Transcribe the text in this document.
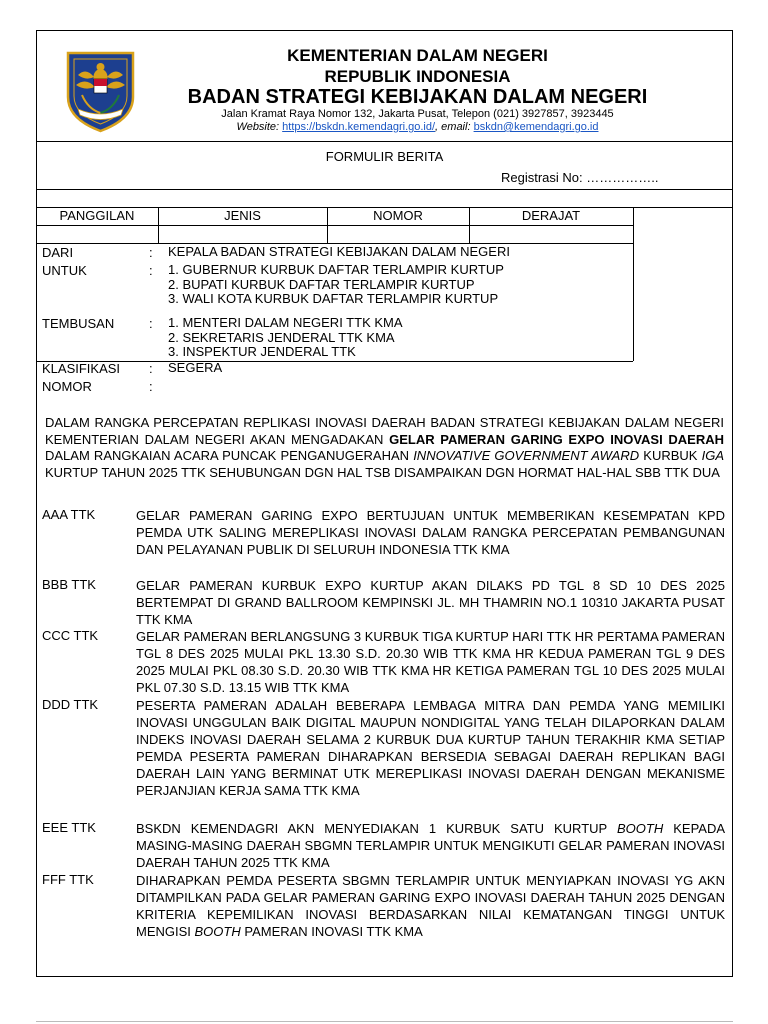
KEMENTERIAN DALAM NEGERI
REPUBLIK INDONESIA
BADAN STRATEGI KEBIJAKAN DALAM NEGERI
Jalan Kramat Raya Nomor 132, Jakarta Pusat, Telepon (021) 3927857, 3923445
Website: https://bskdn.kemendagri.go.id/, email: bskdn@kemendagri.go.id
FORMULIR BERITA
Registrasi No: ……………..
PANGGILAN	JENIS	NOMOR	DERAJAT
DARI	: KEPALA BADAN STRATEGI KEBIJAKAN DALAM NEGERI
UNTUK	: 1. GUBERNUR KURBUK DAFTAR TERLAMPIR KURTUP
2. BUPATI KURBUK DAFTAR TERLAMPIR KURTUP
3. WALI KOTA KURBUK DAFTAR TERLAMPIR KURTUP
TEMBUSAN	: 1. MENTERI DALAM NEGERI TTK KMA
2. SEKRETARIS JENDERAL TTK KMA
3. INSPEKTUR JENDERAL TTK
KLASIFIKASI : SEGERA
NOMOR	:
DALAM RANGKA PERCEPATAN REPLIKASI INOVASI DAERAH BADAN STRATEGI KEBIJAKAN DALAM NEGERI KEMENTERIAN DALAM NEGERI AKAN MENGADAKAN GELAR PAMERAN GARING EXPO INOVASI DAERAH DALAM RANGKAIAN ACARA PUNCAK PENGANUGERAHAN INNOVATIVE GOVERNMENT AWARD KURBUK IGA KURTUP TAHUN 2025 TTK SEHUBUNGAN DGN HAL TSB DISAMPAIKAN DGN HORMAT HAL-HAL SBB TTK DUA
AAA TTK	GELAR PAMERAN GARING EXPO BERTUJUAN UNTUK MEMBERIKAN KESEMPATAN KPD PEMDA UTK SALING MEREPLIKASI INOVASI DALAM RANGKA PERCEPATAN PEMBANGUNAN DAN PELAYANAN PUBLIK DI SELURUH INDONESIA TTK KMA
BBB TTK	GELAR PAMERAN KURBUK EXPO KURTUP AKAN DILAKS PD TGL 8 SD 10 DES 2025 BERTEMPAT DI GRAND BALLROOM KEMPINSKI JL. MH THAMRIN NO.1 10310 JAKARTA PUSAT TTK KMA
CCC TTK	GELAR PAMERAN BERLANGSUNG 3 KURBUK TIGA KURTUP HARI TTK HR PERTAMA PAMERAN TGL 8 DES 2025 MULAI PKL 13.30 S.D. 20.30 WIB TTK KMA HR KEDUA PAMERAN TGL 9 DES 2025 MULAI PKL 08.30 S.D. 20.30 WIB TTK KMA HR KETIGA PAMERAN TGL 10 DES 2025 MULAI PKL 07.30 S.D. 13.15 WIB TTK KMA
DDD TTK	PESERTA PAMERAN ADALAH BEBERAPA LEMBAGA MITRA DAN PEMDA YANG MEMILIKI INOVASI UNGGULAN BAIK DIGITAL MAUPUN NONDIGITAL YANG TELAH DILAPORKAN DALAM INDEKS INOVASI DAERAH SELAMA 2 KURBUK DUA KURTUP TAHUN TERAKHIR KMA SETIAP PEMDA PESERTA PAMERAN DIHARAPKAN BERSEDIA SEBAGAI DAERAH REPLIKAN BAGI DAERAH LAIN YANG BERMINAT UTK MEREPLIKASI INOVASI DAERAH DENGAN MEKANISME PERJANJIAN KERJA SAMA TTK KMA
EEE TTK	BSKDN KEMENDAGRI AKN MENYEDIAKAN 1 KURBUK SATU KURTUP BOOTH KEPADA MASING-MASING DAERAH SBGMN TERLAMPIR UNTUK MENGIKUTI GELAR PAMERAN INOVASI DAERAH TAHUN 2025 TTK KMA
FFF TTK	DIHARAPKAN PEMDA PESERTA SBGMN TERLAMPIR UNTUK MENYIAPKAN INOVASI YG AKN DITAMPILKAN PADA GELAR PAMERAN GARING EXPO INOVASI DAERAH TAHUN 2025 DENGAN KRITERIA KEPEMILIKAN INOVASI BERDASARKAN NILAI KEMATANGAN TINGGI UNTUK MENGISI BOOTH PAMERAN INOVASI TTK KMA
